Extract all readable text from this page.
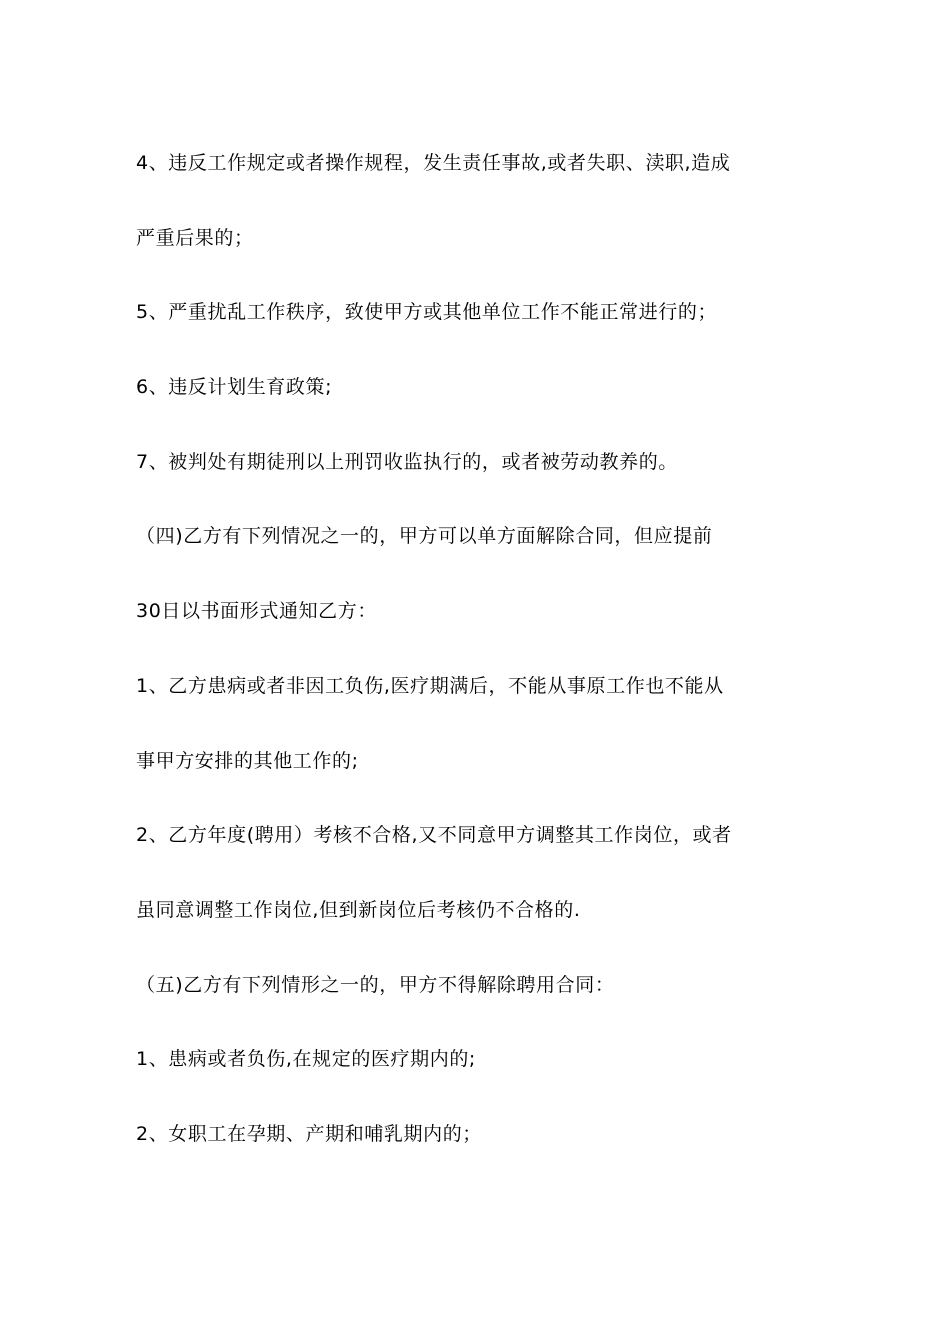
4、违反工作规定或者操作规程，发生责任事故,或者失职、渎职,造成
严重后果的；
5、严重扰乱工作秩序，致使甲方或其他单位工作不能正常进行的；
6、违反计划生育政策;
7、被判处有期徒刑以上刑罚收监执行的，或者被劳动教养的。
（四)乙方有下列情况之一的，甲方可以单方面解除合同，但应提前
30日以书面形式通知乙方：
1、乙方患病或者非因工负伤,医疗期满后，不能从事原工作也不能从
事甲方安排的其他工作的;
2、乙方年度(聘用）考核不合格,又不同意甲方调整其工作岗位，或者
虽同意调整工作岗位,但到新岗位后考核仍不合格的.
（五)乙方有下列情形之一的，甲方不得解除聘用合同：
1、患病或者负伤,在规定的医疗期内的;
2、女职工在孕期、产期和哺乳期内的；
